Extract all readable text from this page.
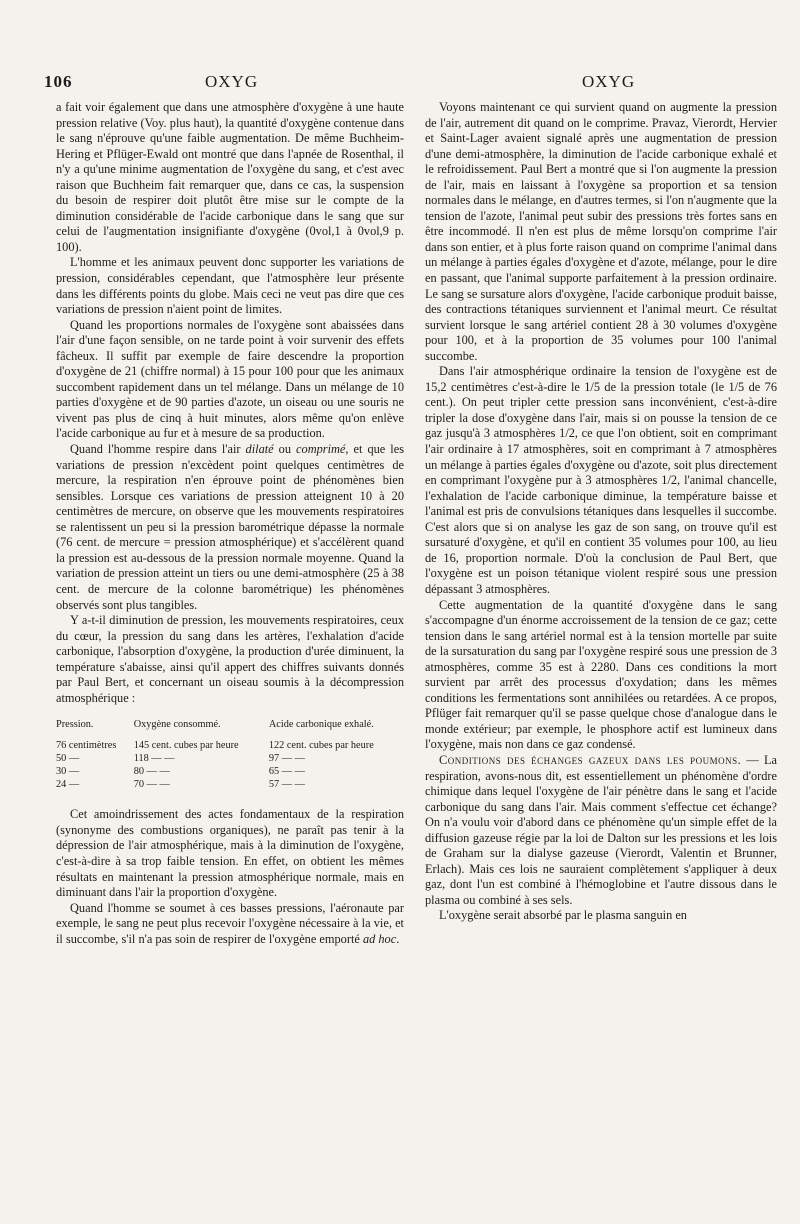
106	OXYG	OXYG

a fait voir également que dans une atmosphère d'oxygène à une haute pression relative (Voy. plus haut), la quantité d'oxygène contenue dans le sang n'éprouve qu'une faible augmentation. De même Buchheim-Hering et Pflüger-Ewald ont montré que dans l'apnée de Rosenthal, il n'y a qu'une minime augmentation de l'oxygène du sang, et c'est avec raison que Buchheim fait remarquer que, dans ce cas, la suspension du besoin de respirer doit plutôt être mise sur le compte de la diminution considérable de l'acide carbonique dans le sang que sur celui de l'augmentation insignifiante d'oxygène (0vol,1 à 0vol,9 p. 100).

L'homme et les animaux peuvent donc supporter les variations de pression, considérables cependant, que l'atmosphère leur présente dans les différents points du globe. Mais ceci ne veut pas dire que ces variations de pression n'aient point de limites.

Quand les proportions normales de l'oxygène sont abaissées dans l'air d'une façon sensible, on ne tarde point à voir survenir des effets fâcheux. Il suffit par exemple de faire descendre la proportion d'oxygène de 21 (chiffre normal) à 15 pour 100 pour que les animaux succombent rapidement dans un tel mélange. Dans un mélange de 10 parties d'oxygène et de 90 parties d'azote, un oiseau ou une souris ne vivent pas plus de cinq à huit minutes, alors même qu'on enlève l'acide carbonique au fur et à mesure de sa production.

Quand l'homme respire dans l'air dilaté ou comprimé, et que les variations de pression n'excèdent point quelques centimètres de mercure, la respiration n'en éprouve point de phénomènes bien sensibles. Lorsque ces variations de pression atteignent 10 à 20 centimètres de mercure, on observe que les mouvements respiratoires se ralentissent un peu si la pression barométrique dépasse la normale (76 cent. de mercure = pression atmosphérique) et s'accélèrent quand la pression est au-dessous de la pression normale moyenne. Quand la variation de pression atteint un tiers ou une demi-atmosphère (25 à 38 cent. de mercure de la colonne barométrique) les phénomènes observés sont plus tangibles.

Y a-t-il diminution de pression, les mouvements respiratoires, ceux du cœur, la pression du sang dans les artères, l'exhalation d'acide carbonique, l'absorption d'oxygène, la production d'urée diminuent, la température s'abaisse, ainsi qu'il appert des chiffres suivants donnés par Paul Bert, et concernant un oiseau soumis à la décompression atmosphérique :

Pression.	Oxygène consommé.	Acide carbonique exhalé.
76 centimètres	145 cent. cubes par heure	122 cent. cubes par heure
50 —	118 — —	97 — —
30 —	80 — —	65 — —
24 —	70 — —	57 — —

Cet amoindrissement des actes fondamentaux de la respiration (synonyme des combustions organiques), ne paraît pas tenir à la dépression de l'air atmosphérique, mais à la diminution de l'oxygène, c'est-à-dire à sa trop faible tension. En effet, on obtient les mêmes résultats en maintenant la pression atmosphérique normale, mais en diminuant dans l'air la proportion d'oxygène.

Quand l'homme se soumet à ces basses pressions, l'aéronaute par exemple, le sang ne peut plus recevoir l'oxygène nécessaire à la vie, et il succombe, s'il n'a pas soin de respirer de l'oxygène emporté ad hoc.

Voyons maintenant ce qui survient quand on augmente la pression de l'air, autrement dit quand on le comprime. Pravaz, Vierordt, Hervier et Saint-Lager avaient signalé après une augmentation de pression d'une demi-atmosphère, la diminution de l'acide carbonique exhalé et le refroidissement. Paul Bert a montré que si l'on augmente la pression de l'air, mais en laissant à l'oxygène sa proportion et sa tension normales dans le mélange, en d'autres termes, si l'on n'augmente que la tension de l'azote, l'animal peut subir des pressions très fortes sans en être incommodé. Il n'en est plus de même lorsqu'on comprime l'air dans son entier, et à plus forte raison quand on comprime l'animal dans un mélange à parties égales d'oxygène et d'azote, mélange, pour le dire en passant, que l'animal supporte parfaitement à la pression ordinaire. Le sang se sursature alors d'oxygène, l'acide carbonique produit baisse, des contractions tétaniques surviennent et l'animal meurt. Ce résultat survient lorsque le sang artériel contient 28 à 30 volumes d'oxygène pour 100, et à la proportion de 35 volumes pour 100 l'animal succombe.

Dans l'air atmosphérique ordinaire la tension de l'oxygène est de 15,2 centimètres c'est-à-dire le 1/5 de la pression totale (le 1/5 de 76 cent.). On peut tripler cette pression sans inconvénient, c'est-à-dire tripler la dose d'oxygène dans l'air, mais si on pousse la tension de ce gaz jusqu'à 3 atmosphères 1/2, ce que l'on obtient, soit en comprimant l'air ordinaire à 17 atmosphères, soit en comprimant à 7 atmosphères un mélange à parties égales d'oxygène ou d'azote, soit plus directement en comprimant l'oxygène pur à 3 atmosphères 1/2, l'animal chancelle, l'exhalation de l'acide carbonique diminue, la température baisse et l'animal est pris de convulsions tétaniques dans lesquelles il succombe. C'est alors que si on analyse les gaz de son sang, on trouve qu'il est sursaturé d'oxygène, et qu'il en contient 35 volumes pour 100, au lieu de 16, proportion normale. D'où la conclusion de Paul Bert, que l'oxygène est un poison tétanique violent respiré sous une pression dépassant 3 atmosphères.

Cette augmentation de la quantité d'oxygène dans le sang s'accompagne d'un énorme accroissement de la tension de ce gaz; cette tension dans le sang artériel normal est à la tension mortelle par suite de la sursaturation du sang par l'oxygène respiré sous une pression de 3 atmosphères, comme 35 est à 2280. Dans ces conditions la mort survient par arrêt des processus d'oxydation; dans les mêmes conditions les fermentations sont annihilées ou retardées. A ce propos, Pflüger fait remarquer qu'il se passe quelque chose d'analogue dans le monde extérieur; par exemple, le phosphore actif est lumineux dans l'oxygène, mais non dans ce gaz condensé.

Conditions des échanges gazeux dans les poumons. — La respiration, avons-nous dit, est essentiellement un phénomène d'ordre chimique dans lequel l'oxygène de l'air pénètre dans le sang et l'acide carbonique du sang dans l'air. Mais comment s'effectue cet échange? On n'a voulu voir d'abord dans ce phénomène qu'un simple effet de la diffusion gazeuse régie par la loi de Dalton sur les pressions et les lois de Graham sur la dialyse gazeuse (Vierordt, Valentin et Brunner, Erlach). Mais ces lois ne sauraient complètement s'appliquer à deux gaz, dont l'un est combiné à l'hémoglobine et l'autre dissous dans le plasma ou combiné à ses sels.

L'oxygène serait absorbé par le plasma sanguin en
